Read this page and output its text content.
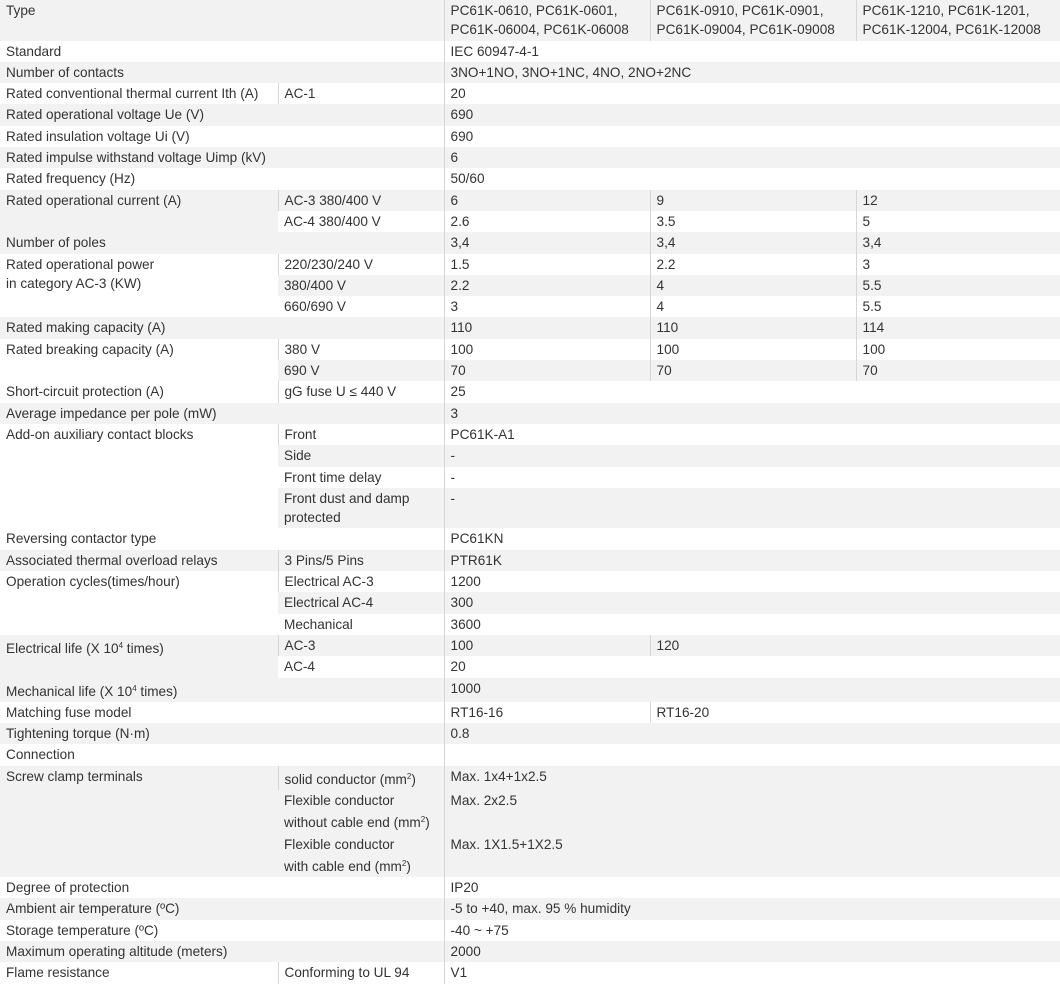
Type		PC61K-0610, PC61K-0601,
PC61K-06004, PC61K-06008	PC61K-0910, PC61K-0901,
PC61K-09004, PC61K-09008	PC61K-1210, PC61K-1201,
PC61K-12004, PC61K-12008
Standard		IEC 60947-4-1		
Number of contacts		3NO+1NO, 3NO+1NC, 4NO, 2NO+2NC		
Rated conventional thermal current Ith (A)	AC-1	20		
Rated operational voltage Ue (V)		690		
Rated insulation voltage Ui (V)		690		
Rated impulse withstand voltage Uimp (kV)		6		
Rated frequency (Hz)		50/60		
Rated operational current (A)	AC-3 380/400 V	6	9	12
	AC-4 380/400 V	2.6	3.5	5
Number of poles		3,4	3,4	3,4
Rated operational power
in category AC-3 (KW)	220/230/240 V	1.5	2.2	3
	380/400 V	2.2	4	5.5
	660/690 V	3	4	5.5
Rated making capacity (A)		110	110	114
Rated breaking capacity (A)	380 V	100	100	100
	690 V	70	70	70
Short-circuit protection (A)	gG fuse U ≤ 440 V	25		
Average impedance per pole (mW)		3		
Add-on auxiliary contact blocks	Front	PC61K-A1		
	Side	-		
	Front time delay	-		
	Front dust and damp
protected	-		
Reversing contactor type		PC61KN		
Associated thermal overload relays	3 Pins/5 Pins	PTR61K		
Operation cycles(times/hour)	Electrical AC-3	1200		
	Electrical AC-4	300		
	Mechanical	3600		
Electrical life (X $10^4$ times)	AC-3	100	120	
	AC-4	20		
Mechanical life (X $10^4$ times)		1000		
Matching fuse model		RT16-16	RT16-20	
Tightening torque (N·m)		0.8		
Connection				
Screw clamp terminals	solid conductor $(mm^2)$	Max. 1x4+1x2.5		
	Flexible conductor
without cable end $(mm^2)$	Max. 2x2.5		
	Flexible conductor
with cable end $(mm^2)$	Max. 1X1.5+1X2.5		
Degree of protection		IP20		
Ambient air temperature (ºC)		-5 to +40, max. 95 % humidity		
Storage temperature (ºC)		-40 ~ +75		
Maximum operating altitude (meters)		2000		
Flame resistance	Conforming to UL 94	V1		
